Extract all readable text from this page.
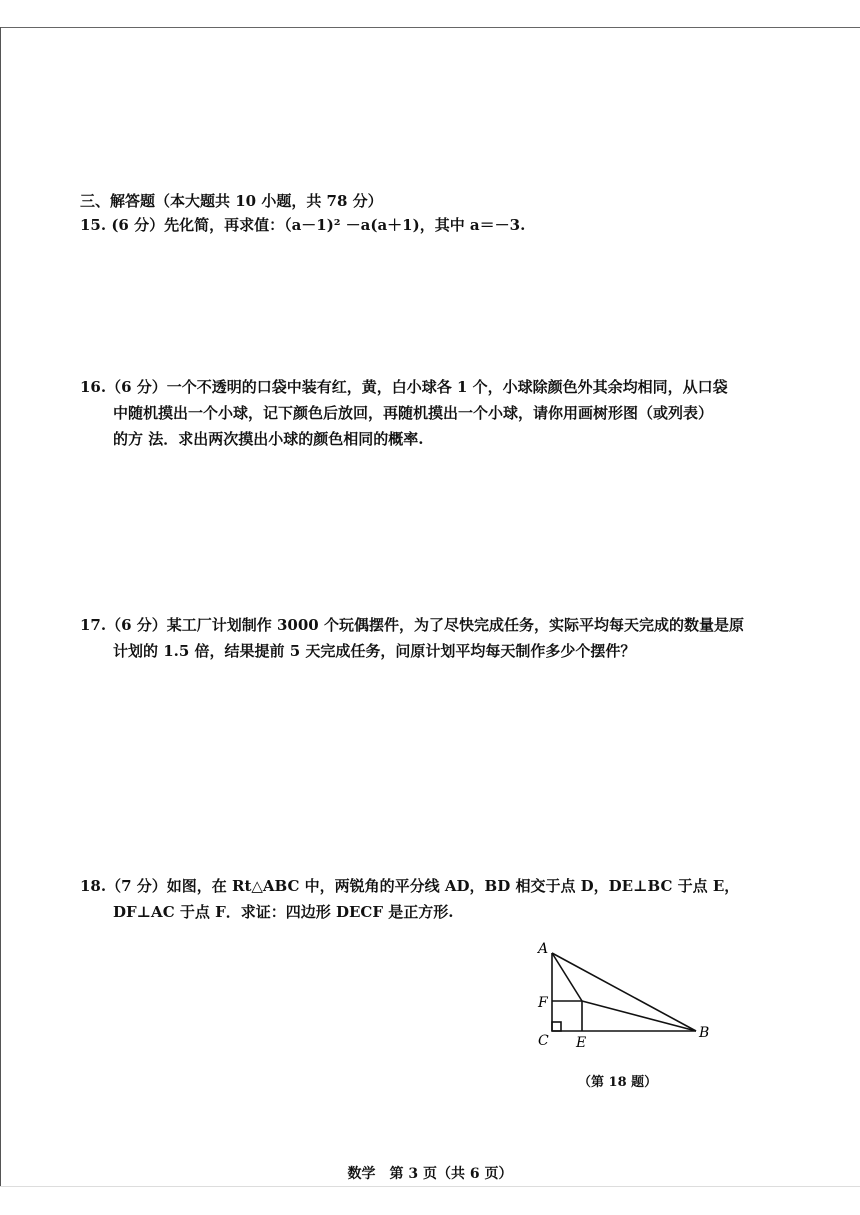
三、解答题（本大题共 10 小题，共 78 分）
15. (6 分）先化简，再求值：（a－1)² －a(a＋1)，其中 a＝－3.
16.（6 分）一个不透明的口袋中装有红，黄，白小球各 1 个，小球除颜色外其余均相同，从口袋
中随机摸出一个小球，记下颜色后放回，再随机摸出一个小球，请你用画树形图（或列表）
的方 法．求出两次摸出小球的颜色相同的概率.
17.（6 分）某工厂计划制作 3000 个玩偶摆件，为了尽快完成任务，实际平均每天完成的数量是原
计划的 1.5 倍，结果提前 5 天完成任务，问原计划平均每天制作多少个摆件？
18.（7 分）如图，在 Rt△ABC 中，两锐角的平分线 AD，BD 相交于点 D，DE⊥BC 于点 E，
DF⊥AC 于点 F．求证：四边形 DECF 是正方形.
A
F
C E
B
（第 18 题）
数学　第 3 页（共 6 页）
